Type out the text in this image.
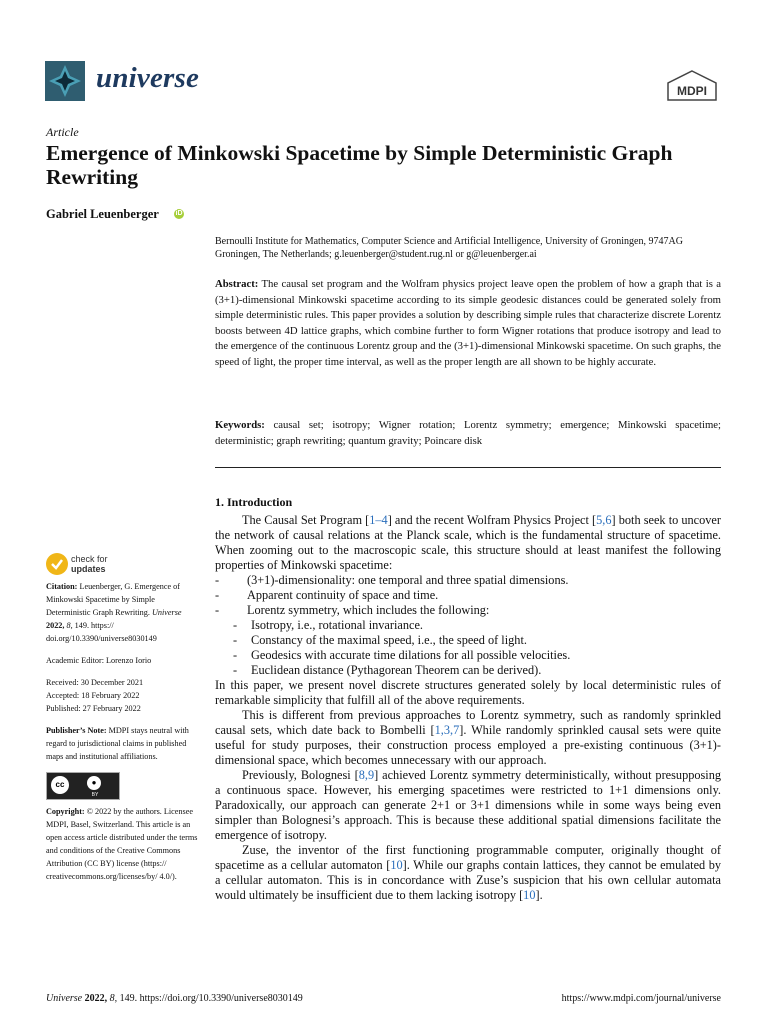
universe	MDPI
Article
Emergence of Minkowski Spacetime by Simple Deterministic Graph Rewriting
Gabriel Leuenberger iD
Bernoulli Institute for Mathematics, Computer Science and Artificial Intelligence, University of Groningen, 9747AG Groningen, The Netherlands; g.leuenberger@student.rug.nl or g@leuenberger.ai
Abstract: The causal set program and the Wolfram physics project leave open the problem of how a graph that is a (3+1)-dimensional Minkowski spacetime according to its simple geodesic distances could be generated solely from simple deterministic rules. This paper provides a solution by describing simple rules that characterize discrete Lorentz boosts between 4D lattice graphs, which combine further to form Wigner rotations that produce isotropy and lead to the emergence of the continuous Lorentz group and the (3+1)-dimensional Minkowski spacetime. On such graphs, the speed of light, the proper time interval, as well as the proper length are all shown to be highly accurate.
Keywords: causal set; isotropy; Wigner rotation; Lorentz symmetry; emergence; Minkowski spacetime; deterministic; graph rewriting; quantum gravity; Poincare disk
1. Introduction

The Causal Set Program [1–4] and the recent Wolfram Physics Project [5,6] both seek to uncover the network of causal relations at the Planck scale, which is the fundamental structure of spacetime. When zooming out to the macroscopic scale, this structure should at least manifest the following properties of Minkowski spacetime:

- (3+1)-dimensionality: one temporal and three spatial dimensions.
- Apparent continuity of space and time.
- Lorentz symmetry, which includes the following:
- Isotropy, i.e., rotational invariance.
- Constancy of the maximal speed, i.e., the speed of light.
- Geodesics with accurate time dilations for all possible velocities.
- Euclidean distance (Pythagorean Theorem can be derived).

In this paper, we present novel discrete structures generated solely by local deterministic rules of remarkable simplicity that fulfill all of the above requirements.

This is different from previous approaches to Lorentz symmetry, such as randomly sprinkled causal sets, which date back to Bombelli [1,3,7]. While randomly sprinkled causal sets were quite useful for study purposes, their construction process employed a pre-existing continuous (3+1)-dimensional space, which becomes unnecessary with our approach.

Previously, Bolognesi [8,9] achieved Lorentz symmetry deterministically, without presupposing a continuous space. However, his emerging spacetimes were restricted to 1+1 dimensions only. Paradoxically, our approach can generate 2+1 or 3+1 dimensions while in some ways being even simpler than Bolognesi’s approach. This is because these additional spatial dimensions facilitate the emergence of isotropy.

Zuse, the inventor of the first functioning programmable computer, originally thought of spacetime as a cellular automaton [10]. While our graphs contain lattices, they cannot be emulated by a cellular automaton. This is in concordance with Zuse’s suspicion that his own cellular automata would ultimately be insufficient due to them lacking isotropy [10].

check for
updates

Citation: Leuenberger, G. Emergence of Minkowski Spacetime by Simple Deterministic Graph Rewriting. Universe 2022, 8, 149. https:// doi.org/10.3390/universe8030149

Academic Editor: Lorenzo Iorio

Received: 30 December 2021
Accepted: 18 February 2022
Published: 27 February 2022

Publisher’s Note: MDPI stays neutral with regard to jurisdictional claims in published maps and institutional affiliations.

cc	●
BY

Copyright: © 2022 by the authors. Licensee MDPI, Basel, Switzerland. This article is an open access article distributed under the terms and conditions of the Creative Commons Attribution (CC BY) license (https:// creativecommons.org/licenses/by/ 4.0/).

Universe 2022, 8, 149. https://doi.org/10.3390/universe8030149	https://www.mdpi.com/journal/universe
